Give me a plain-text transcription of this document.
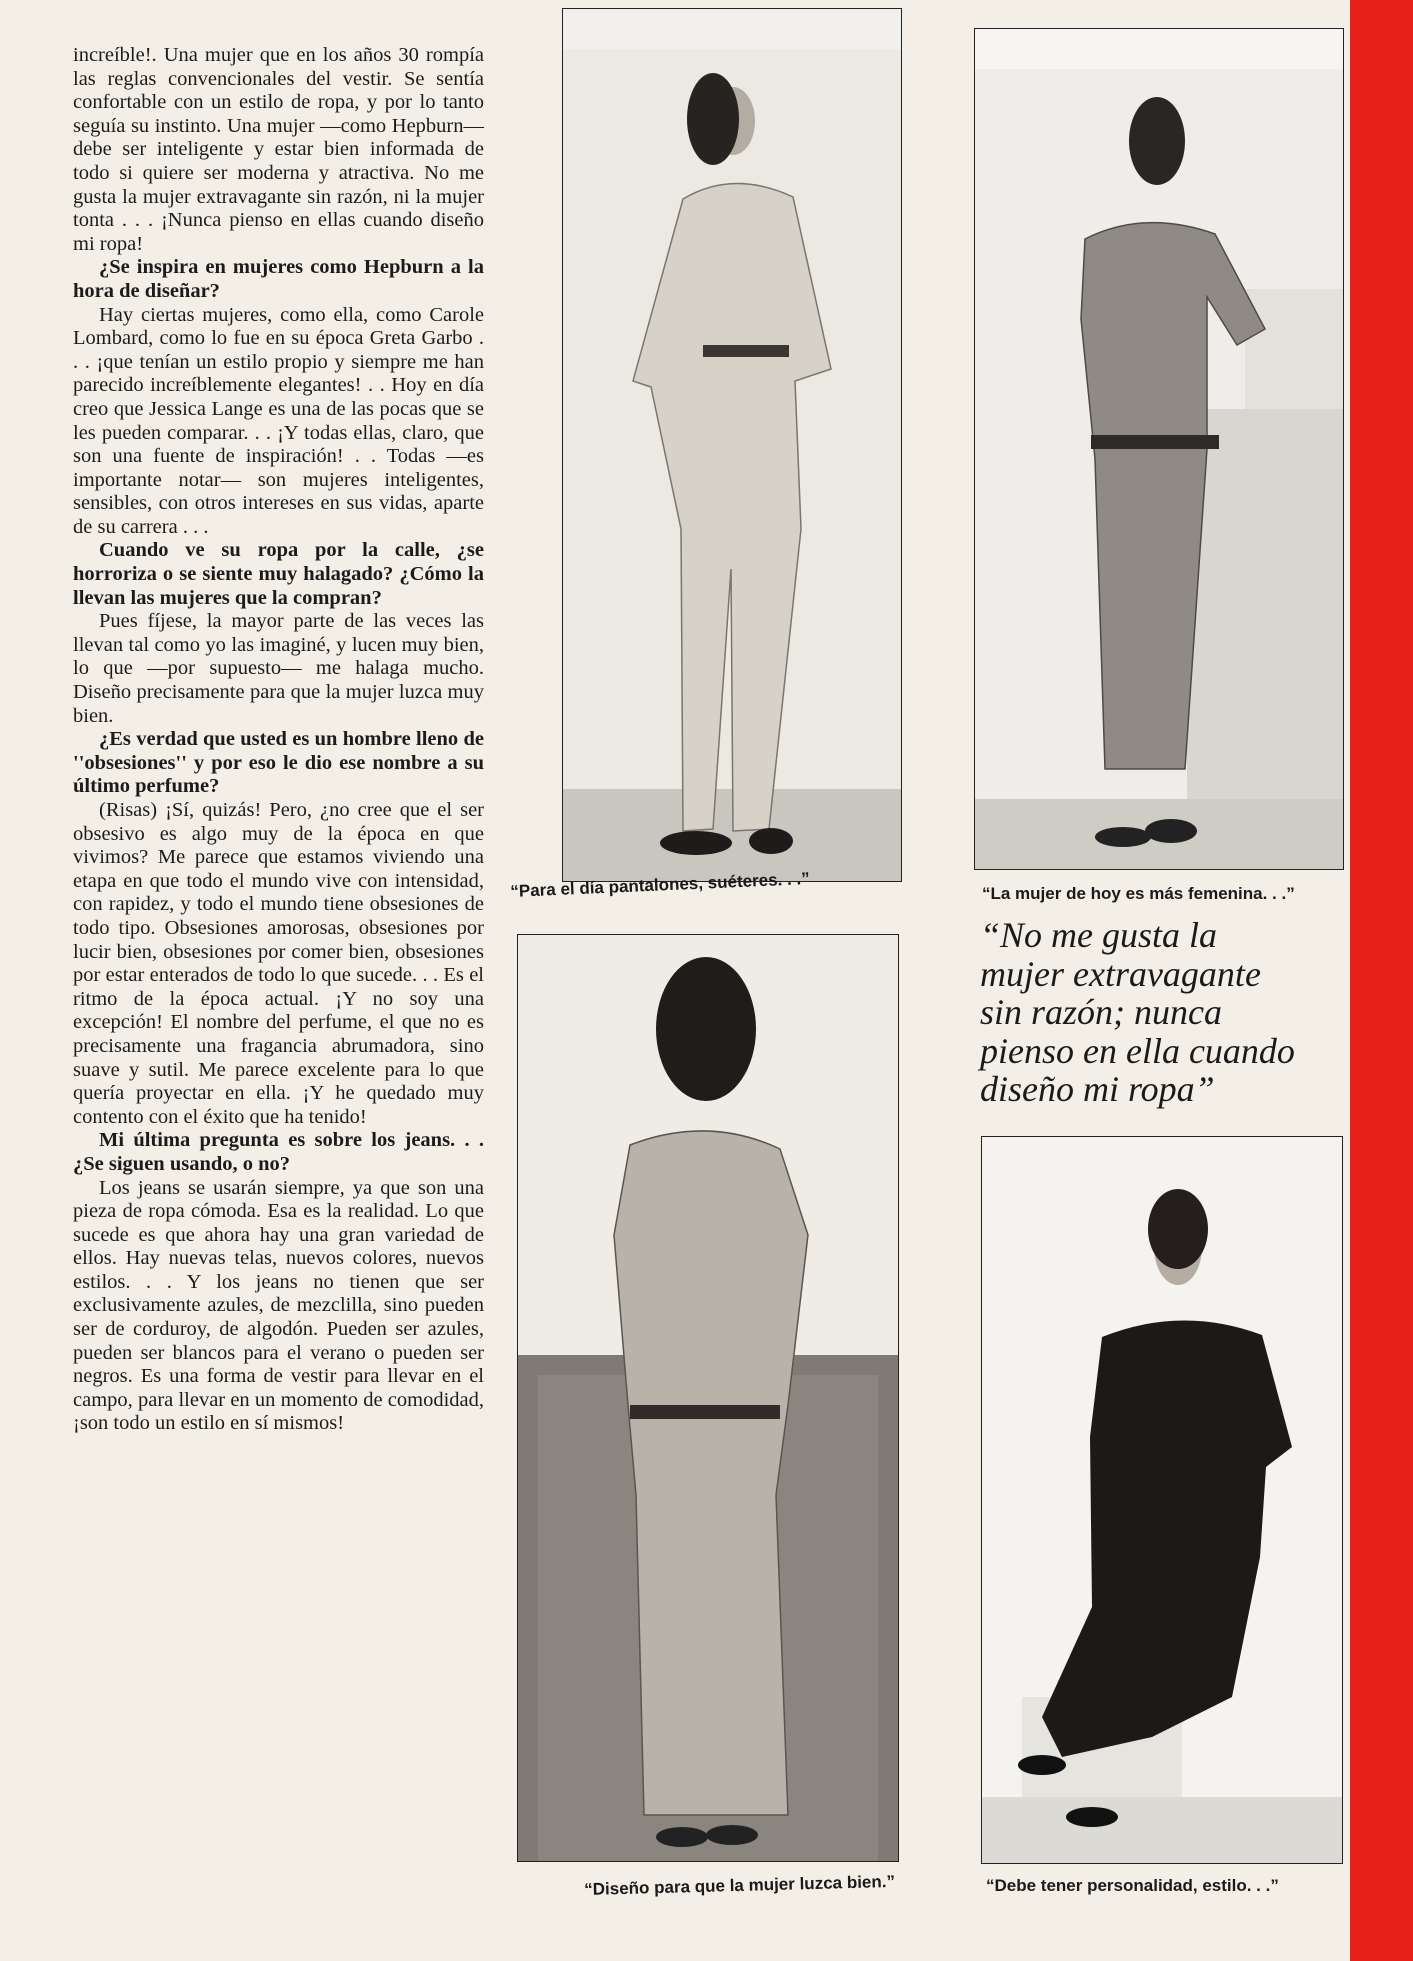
increíble!. Una mujer que en los años 30 rompía las reglas convencionales del vestir. Se sentía confortable con un estilo de ropa, y por lo tanto seguía su instinto. Una mujer —como Hepburn— debe ser inteligente y estar bien informada de todo si quiere ser moderna y atractiva. No me gusta la mujer extravagante sin razón, ni la mujer tonta . . . ¡Nunca pienso en ellas cuando diseño mi ropa!

¿Se inspira en mujeres como Hepburn a la hora de diseñar?

Hay ciertas mujeres, como ella, como Carole Lombard, como lo fue en su época Greta Garbo . . . ¡que tenían un estilo propio y siempre me han parecido increíblemente elegantes! . . Hoy en día creo que Jessica Lange es una de las pocas que se les pueden comparar. . . ¡Y todas ellas, claro, que son una fuente de inspiración! . . Todas —es importante notar— son mujeres inteligentes, sensibles, con otros intereses en sus vidas, aparte de su carrera . . .

Cuando ve su ropa por la calle, ¿se horroriza o se siente muy halagado? ¿Cómo la llevan las mujeres que la compran?

Pues fíjese, la mayor parte de las veces las llevan tal como yo las imaginé, y lucen muy bien, lo que —por supuesto— me halaga mucho. Diseño precisamente para que la mujer luzca muy bien.

¿Es verdad que usted es un hombre lleno de ''obsesiones'' y por eso le dio ese nombre a su último perfume?

(Risas) ¡Sí, quizás! Pero, ¿no cree que el ser obsesivo es algo muy de la época en que vivimos? Me parece que estamos viviendo una etapa en que todo el mundo vive con intensidad, con rapidez, y todo el mundo tiene obsesiones de todo tipo. Obsesiones amorosas, obsesiones por lucir bien, obsesiones por comer bien, obsesiones por estar enterados de todo lo que sucede. . . Es el ritmo de la época actual. ¡Y no soy una excepción! El nombre del perfume, el que no es precisamente una fragancia abrumadora, sino suave y sutil. Me parece excelente para lo que quería proyectar en ella. ¡Y he quedado muy contento con el éxito que ha tenido!

Mi última pregunta es sobre los jeans. . . ¿Se siguen usando, o no?

Los jeans se usarán siempre, ya que son una pieza de ropa cómoda. Esa es la realidad. Lo que sucede es que ahora hay una gran variedad de ellos. Hay nuevas telas, nuevos colores, nuevos estilos. . . Y los jeans no tienen que ser exclusivamente azules, de mezclilla, sino pueden ser de corduroy, de algodón. Pueden ser azules, pueden ser blancos para el verano o pueden ser negros. Es una forma de vestir para llevar en el campo, para llevar en un momento de comodidad, ¡son todo un estilo en sí mismos!

“Para el día pantalones, suéteres. . .”	“La mujer de hoy es más femenina. . .”
“No me gusta la
mujer extravagante
sin razón; nunca
pienso en ella cuando
diseño mi ropa”
“Diseño para que la mujer luzca bien.”	“Debe tener personalidad, estilo. . .”
